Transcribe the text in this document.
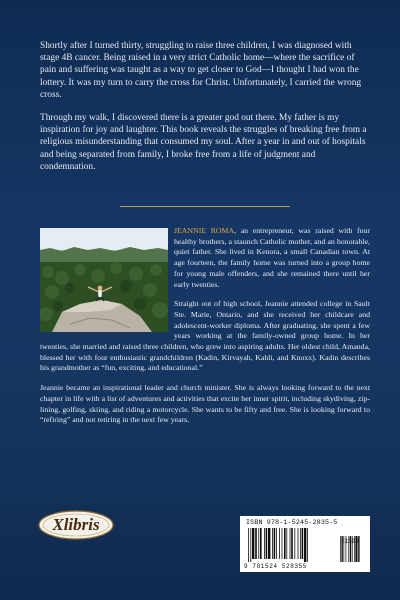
Shortly after I turned thirty, struggling to raise three children, I was diagnosed with stage 4B cancer. Being raised in a very strict Catholic home—where the sacrifice of pain and suffering was taught as a way to get closer to God—I thought I had won the lottery. It was my turn to carry the cross for Christ. Unfortunately, I carried the wrong cross.

Through my walk, I discovered there is a greater god out there. My father is my inspiration for joy and laughter. This book reveals the struggles of breaking free from a religious misunderstanding that consumed my soul. After a year in and out of hospitals and being separated from family, I broke free from a life of judgment and condemnation.

JEANNIE ROMA, an entrepreneur, was raised with four healthy brothers, a staunch Catholic mother, and an honorable, quiet father. She lived in Kenora, a small Canadian town. At age fourteen, the family home was turned into a group home for young male offenders, and she remained there until her early twenties.

Straight out of high school, Jeannie attended college in Sault Ste. Marie, Ontario, and she received her childcare and adolescent-worker diploma. After graduating, she spent a few years working at the family-owned group home. In her twenties, she married and raised three children, who grew into aspiring adults. Her oldest child, Amanda, blessed her with four enthusiastic grandchildren (Kadin, Kirvayah, Kahli, and Knoxx). Kadin describes his grandmother as “fun, exciting, and educational.”

Jeannie became an inspirational leader and church minister. She is always looking forward to the next chapter in life with a list of adventures and activities that excite her inner spirit, including skydiving, zip-lining, golfing, skiing, and riding a motorcycle. She wants to be fifty and free. She is looking forward to “refiring” and not retiring in the next few years.

Xlibris	ISBN 978-1-5245-2835-5
51599
9 781524 528355
